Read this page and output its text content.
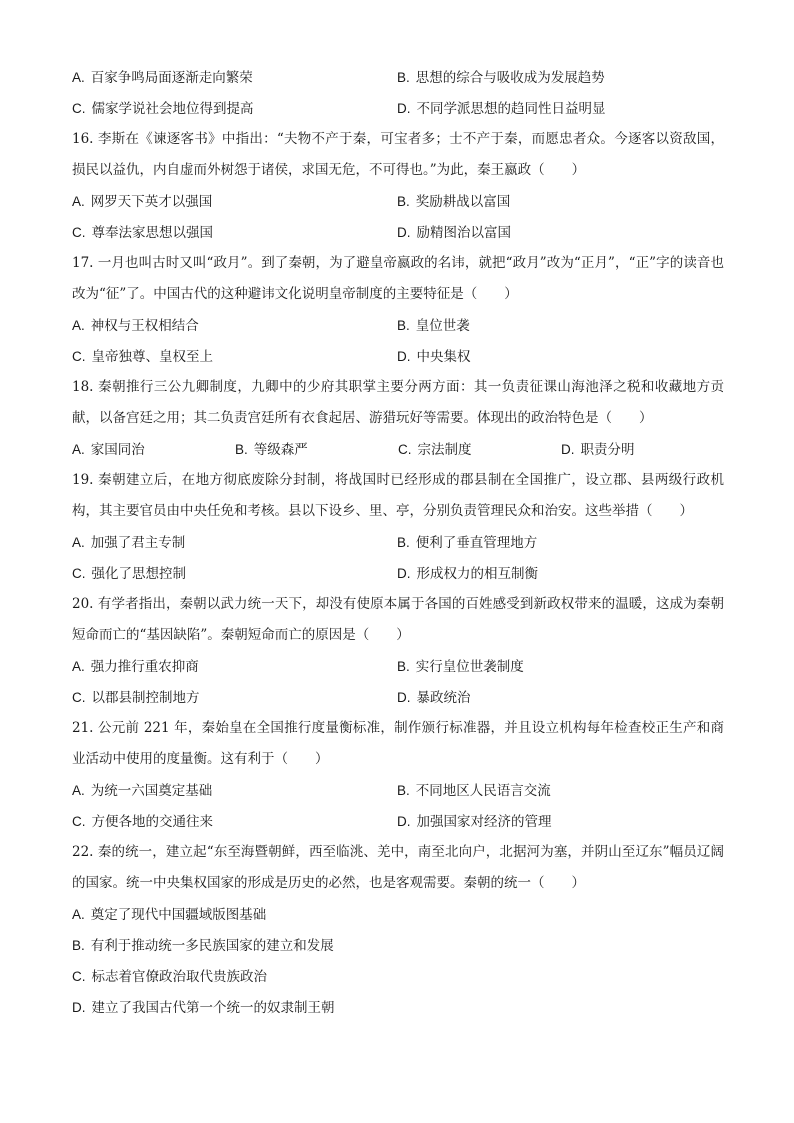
A. 百家争鸣局面逐渐走向繁荣	B. 思想的综合与吸收成为发展趋势
C. 儒家学说社会地位得到提高	D. 不同学派思想的趋同性日益明显

16. 李斯在《谏逐客书》中指出：“夫物不产于秦，可宝者多；士不产于秦，而愿忠者众。今逐客以资敌国，损民以益仇，内自虚而外树怨于诸侯，求国无危，不可得也。”为此，秦王嬴政（　　）

A. 网罗天下英才以强国	B. 奖励耕战以富国
C. 尊奉法家思想以强国	D. 励精图治以富国

17. 一月也叫古时又叫“政月”。到了秦朝，为了避皇帝嬴政的名讳，就把“政月”改为“正月”，“正”字的读音也改为“征”了。中国古代的这种避讳文化说明皇帝制度的主要特征是（　　）

A. 神权与王权相结合	B. 皇位世袭
C. 皇帝独尊、皇权至上	D. 中央集权

18. 秦朝推行三公九卿制度，九卿中的少府其职掌主要分两方面：其一负责征课山海池泽之税和收藏地方贡献，以备宫廷之用；其二负责宫廷所有衣食起居、游猎玩好等需要。体现出的政治特色是（　　）

A. 家国同治	B. 等级森严	C. 宗法制度	D. 职责分明

19. 秦朝建立后，在地方彻底废除分封制，将战国时已经形成的郡县制在全国推广，设立郡、县两级行政机构，其主要官员由中央任免和考核。县以下设乡、里、亭，分别负责管理民众和治安。这些举措（　　）

A. 加强了君主专制	B. 便利了垂直管理地方
C. 强化了思想控制	D. 形成权力的相互制衡

20. 有学者指出，秦朝以武力统一天下，却没有使原本属于各国的百姓感受到新政权带来的温暖，这成为秦朝短命而亡的“基因缺陷”。秦朝短命而亡的原因是（　　）

A. 强力推行重农抑商	B. 实行皇位世袭制度
C. 以郡县制控制地方	D. 暴政统治

21. 公元前 221 年，秦始皇在全国推行度量衡标准，制作颁行标准器，并且设立机构每年检查校正生产和商业活动中使用的度量衡。这有利于（　　）

A. 为统一六国奠定基础	B. 不同地区人民语言交流
C. 方便各地的交通往来	D. 加强国家对经济的管理

22. 秦的统一，建立起“东至海暨朝鲜，西至临洮、羌中，南至北向户，北据河为塞，并阴山至辽东”幅员辽阔的国家。统一中央集权国家的形成是历史的必然，也是客观需要。秦朝的统一（　　）

A. 奠定了现代中国疆域版图基础
B. 有利于推动统一多民族国家的建立和发展
C. 标志着官僚政治取代贵族政治
D. 建立了我国古代第一个统一的奴隶制王朝
